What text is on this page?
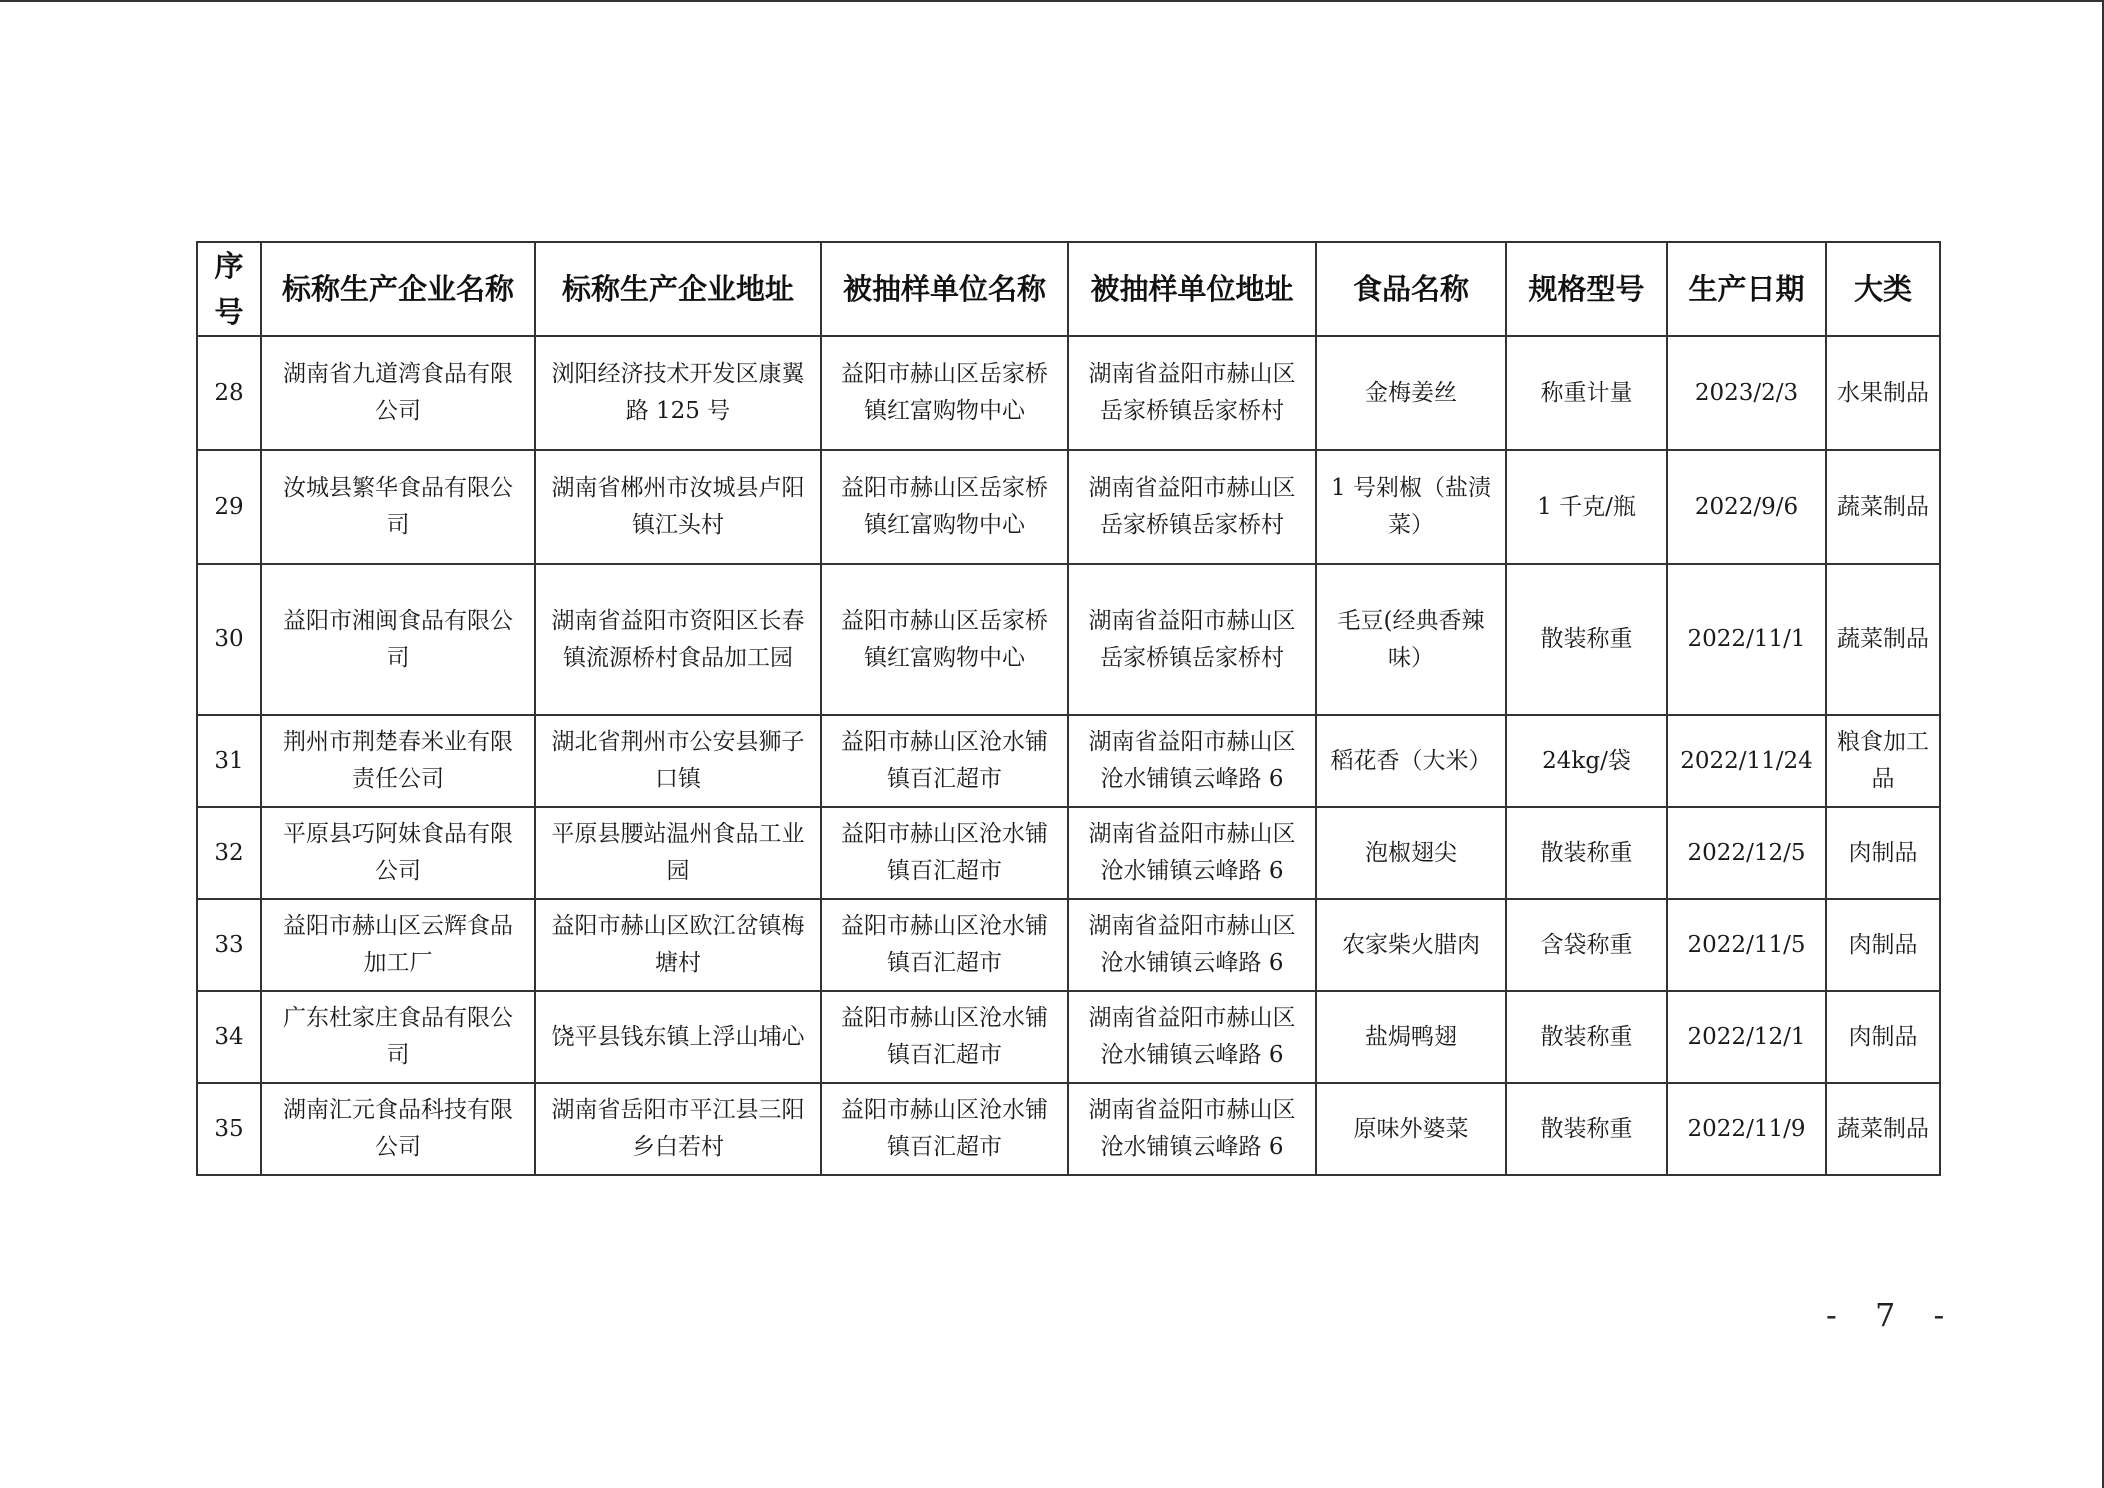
序号	标称生产企业名称	标称生产企业地址	被抽样单位名称	被抽样单位地址	食品名称	规格型号	生产日期	大类
28	湖南省九道湾食品有限公司	浏阳经济技术开发区康翼路 125 号	益阳市赫山区岳家桥镇红富购物中心	湖南省益阳市赫山区岳家桥镇岳家桥村	金梅姜丝	称重计量	2023/2/3	水果制品
29	汝城县繁华食品有限公司	湖南省郴州市汝城县卢阳镇江头村	益阳市赫山区岳家桥镇红富购物中心	湖南省益阳市赫山区岳家桥镇岳家桥村	1 号剁椒（盐渍菜）	1 千克/瓶	2022/9/6	蔬菜制品
30	益阳市湘闽食品有限公司	湖南省益阳市资阳区长春镇流源桥村食品加工园	益阳市赫山区岳家桥镇红富购物中心	湖南省益阳市赫山区岳家桥镇岳家桥村	毛豆(经典香辣味）	散装称重	2022/11/1	蔬菜制品
31	荆州市荆楚春米业有限责任公司	湖北省荆州市公安县狮子口镇	益阳市赫山区沧水铺镇百汇超市	湖南省益阳市赫山区沧水铺镇云峰路 6	稻花香（大米）	24kg/袋	2022/11/24	粮食加工品
32	平原县巧阿妹食品有限公司	平原县腰站温州食品工业园	益阳市赫山区沧水铺镇百汇超市	湖南省益阳市赫山区沧水铺镇云峰路 6	泡椒翅尖	散装称重	2022/12/5	肉制品
33	益阳市赫山区云辉食品加工厂	益阳市赫山区欧江岔镇梅塘村	益阳市赫山区沧水铺镇百汇超市	湖南省益阳市赫山区沧水铺镇云峰路 6	农家柴火腊肉	含袋称重	2022/11/5	肉制品
34	广东杜家庄食品有限公司	饶平县钱东镇上浮山埔心	益阳市赫山区沧水铺镇百汇超市	湖南省益阳市赫山区沧水铺镇云峰路 6	盐焗鸭翅	散装称重	2022/12/1	肉制品
35	湖南汇元食品科技有限公司	湖南省岳阳市平江县三阳乡白若村	益阳市赫山区沧水铺镇百汇超市	湖南省益阳市赫山区沧水铺镇云峰路 6	原味外婆菜	散装称重	2022/11/9	蔬菜制品
- 7 -
